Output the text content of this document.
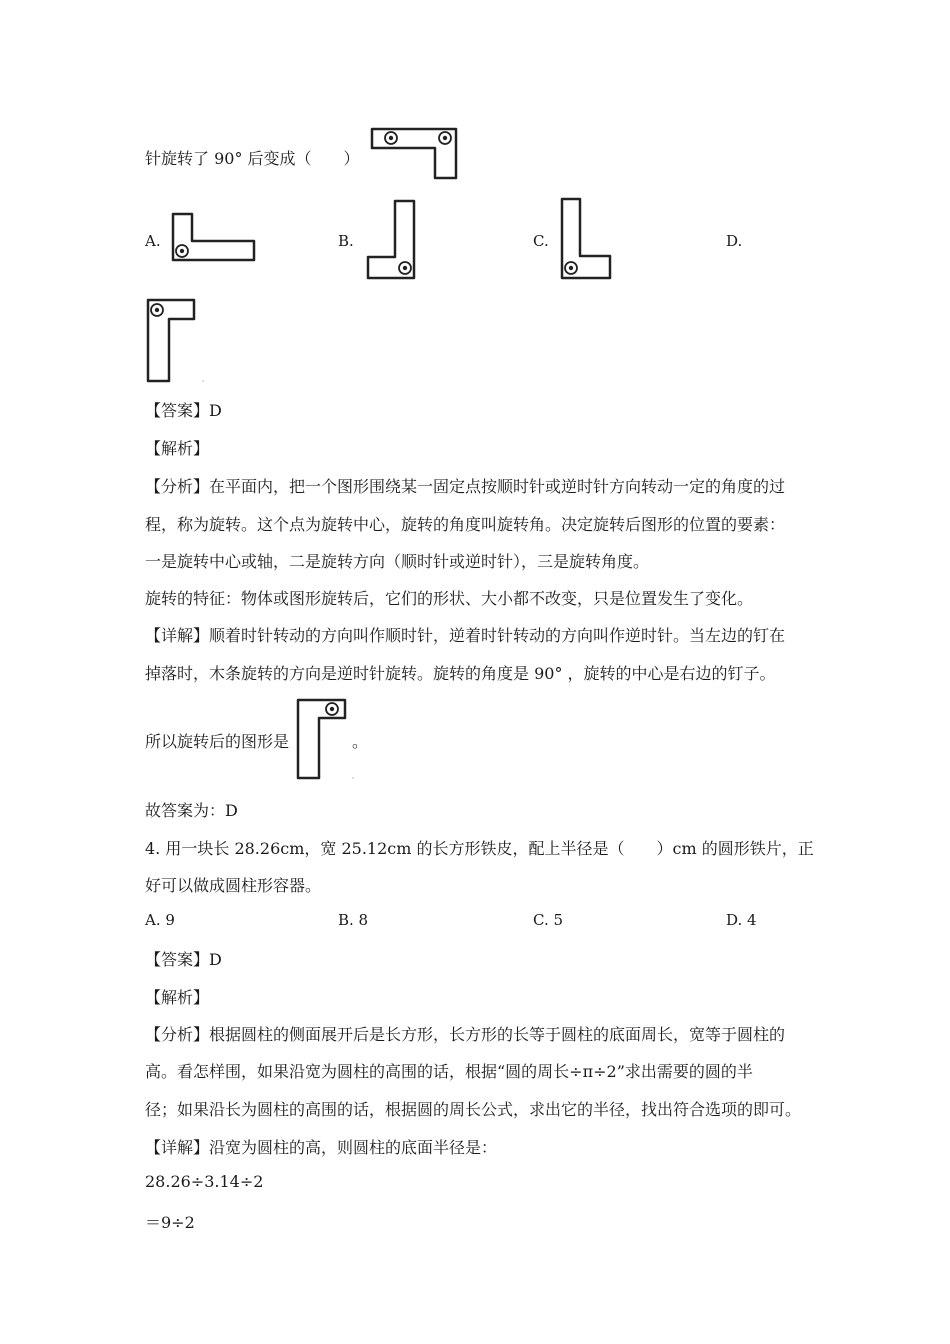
针旋转了 90° 后变成（　　）
A.	B.	C.	D.
【答案】D
【解析】
【分析】在平面内，把一个图形围绕某一固定点按顺时针或逆时针方向转动一定的角度的过
程，称为旋转。这个点为旋转中心，旋转的角度叫旋转角。决定旋转后图形的位置的要素：
一是旋转中心或轴，二是旋转方向（顺时针或逆时针），三是旋转角度。
旋转的特征：物体或图形旋转后，它们的形状、大小都不改变，只是位置发生了变化。
【详解】顺着时针转动的方向叫作顺时针，逆着时针转动的方向叫作逆时针。当左边的钉在
掉落时，木条旋转的方向是逆时针旋转。旋转的角度是 90° ，旋转的中心是右边的钉子。
所以旋转后的图形是	。
故答案为：D
4. 用一块长 28.26cm，宽 25.12cm 的长方形铁皮，配上半径是（　　）cm 的圆形铁片，正
好可以做成圆柱形容器。
A. 9	B. 8	C. 5	D. 4
【答案】D
【解析】
【分析】根据圆柱的侧面展开后是长方形，长方形的长等于圆柱的底面周长，宽等于圆柱的
高。看怎样围，如果沿宽为圆柱的高围的话，根据“圆的周长÷π÷2”求出需要的圆的半
径；如果沿长为圆柱的高围的话，根据圆的周长公式，求出它的半径，找出符合选项的即可。
【详解】沿宽为圆柱的高，则圆柱的底面半径是：
28.26÷3.14÷2
＝9÷2
